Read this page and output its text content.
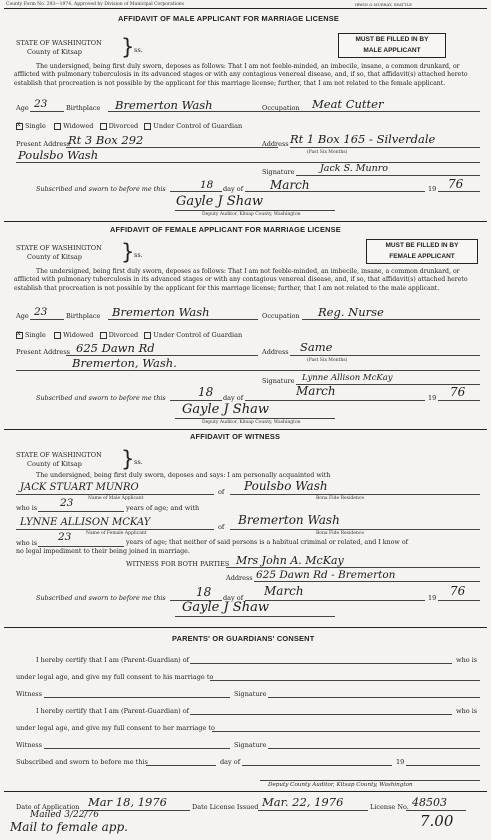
County Form No. 293—1974. Approved by Division of Municipal Corporations	IRWIN & MURRAY, SEATTLE
AFFIDAVIT OF MALE APPLICANT FOR MARRIAGE LICENSE
MUST BE FILLED IN BY
MALE APPLICANT
STATE OF WASHINGTON
County of Kitsap } ss.
The undersigned, being first duly sworn, deposes as follows: That I am not feeble-minded, an imbecile, insane, a common drunkard, or afflicted with pulmonary tuberculosis in its advanced stages or with any contagious venereal disease, and, if so, that affidavit(s) attached hereto establish that procreation is not possible by the applicant for this marriage license; further, that I am not related to the female applicant.
Age 23	Birthplace Bremerton Wash	Occupation Meat Cutter
xSingle	Widowed Divorced Under Control of Guardian
Present Address
Rt 3 Box 292	Address Rt 1 Box 165 - Silverdale
(Past Six Months)
Poulsbo Wash
Signature	Jack S. Munro
Subscribed and sworn to before me this	18 day of March	19 76
Gayle J Shaw
Deputy Auditor, Kitsap County, Washington
AFFIDAVIT OF FEMALE APPLICANT FOR MARRIAGE LICENSE
MUST BE FILLED IN BY
FEMALE APPLICANT
STATE OF WASHINGTON
County of Kitsap } ss.
The undersigned, being first duly sworn, deposes as follows: That I am not feeble-minded, an imbecile, insane, a common drunkard, or afflicted with pulmonary tuberculosis in its advanced stages or with any contagious venereal disease, and, if so, that affidavit(s) attached hereto establish that procreation is not possible by the applicant for this marriage license; further, that I am not related to the male applicant.
Age 23	Birthplace Bremerton Wash	Occupation Reg. Nurse
xSingle	Widowed Divorced Under Control of Guardian
Present Address 625 Dawn Rd	Address Same
(Past Six Months)
Bremerton, Wash.
Signature Lynne Allison McKay
Subscribed and sworn to before me this	18 day of	March	19 76
Gayle J Shaw
Deputy Auditor, Kitsap County, Washington
AFFIDAVIT OF WITNESS
STATE OF WASHINGTON
County of Kitsap } ss.
The undersigned, being first duly sworn, deposes and says: I am personally acquainted with
JACK STUART MUNRO
Name of Male Applicant
of Poulsbo Wash
Bona Fide Residence
who is 23	years of age; and with
LYNNE ALLISON MCKAY
Name of Female Applicant
of Bremerton Wash
Bona Fide Residence
who is 23	years of age; that neither of said persons is a habitual criminal or related, and I know of
no legal impediment to their being joined in marriage.
WITNESS FOR BOTH PARTIES Mrs John A. McKay
Address 625 Dawn Rd - Bremerton
Subscribed and sworn to before me this	18 day of March	19 76
Gayle J Shaw
PARENTS' OR GUARDIANS' CONSENT
I hereby certify that I am (Parent-Guardian) of	who is
under legal age, and give my full consent to his marriage to
Witness	Signature
I hereby certify that I am (Parent-Guardian) of	who is
under legal age, and give my full consent to her marriage to
Witness	Signature
Subscribed and sworn to before me this	day of	19
Deputy County Auditor, Kitsap County, Washington
Date of Application Mar 18, 1976	Date License Issued Mar. 22, 1976	License No. 48503
Mailed 3/22/76
Mail to female app.	7.00
